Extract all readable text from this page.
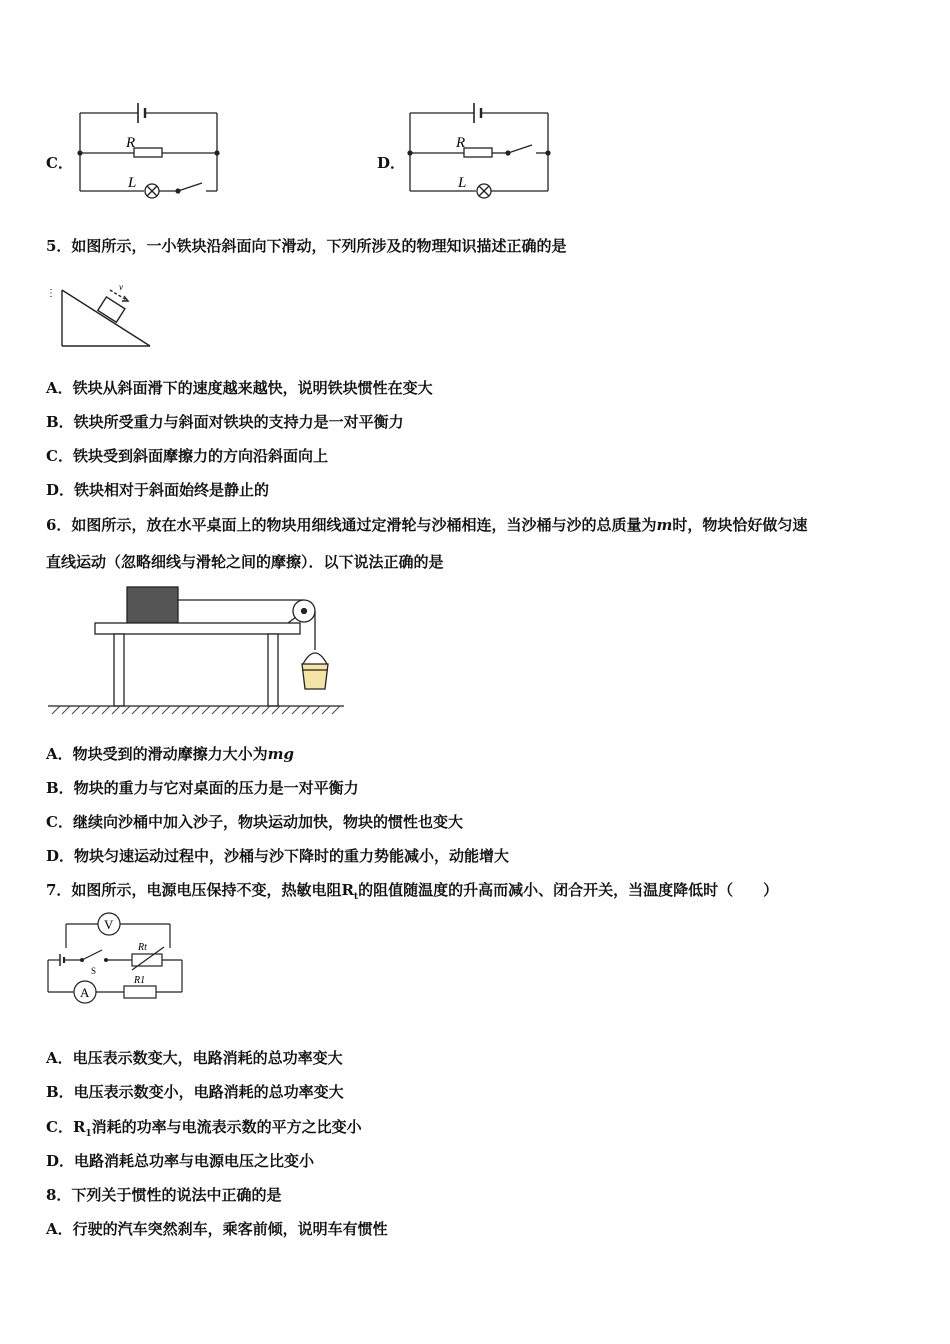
C．
R
L
D．
R
L
5．如图所示，一小铁块沿斜面向下滑动，下列所涉及的物理知识描述正确的是
⋮
v
A．铁块从斜面滑下的速度越来越快，说明铁块惯性在变大
B．铁块所受重力与斜面对铁块的支持力是一对平衡力
C．铁块受到斜面摩擦力的方向沿斜面向上
D．铁块相对于斜面始终是静止的
6．如图所示，放在水平桌面上的物块用细线通过定滑轮与沙桶相连，当沙桶与沙的总质量为m时，物块恰好做匀速
直线运动（忽略细线与滑轮之间的摩擦）．以下说法正确的是
A．物块受到的滑动摩擦力大小为mg
B．物块的重力与它对桌面的压力是一对平衡力
C．继续向沙桶中加入沙子，物块运动加快，物块的惯性也变大
D．物块匀速运动过程中，沙桶与沙下降时的重力势能减小，动能增大
7．如图所示，电源电压保持不变，热敏电阻$R_t$的阻值随温度的升高而减小、闭合开关，当温度降低时（　　）
V
A
S
Rt
R1
A．电压表示数变大，电路消耗的总功率变大
B．电压表示数变小，电路消耗的总功率变大
C．$R_1$消耗的功率与电流表示数的平方之比变小
D．电路消耗总功率与电源电压之比变小
8．下列关于惯性的说法中正确的是
A．行驶的汽车突然刹车，乘客前倾，说明车有惯性
